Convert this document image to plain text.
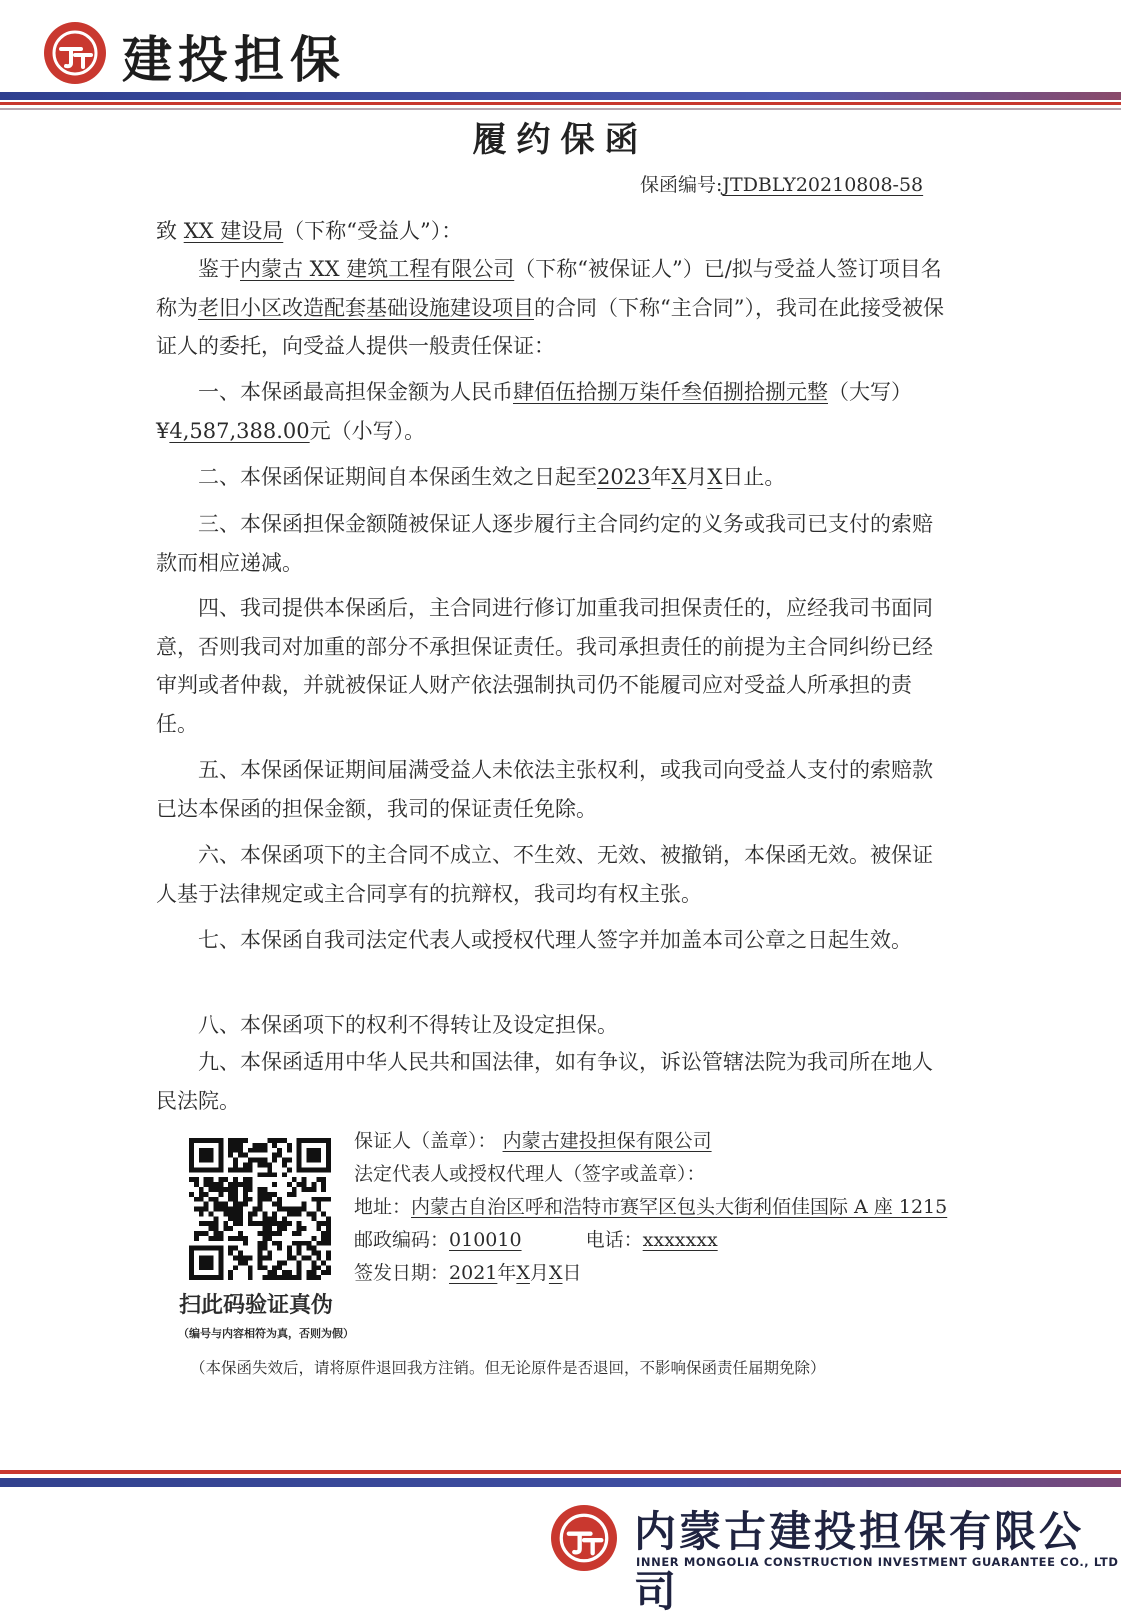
建投担保
履约保函
保函编号:JTDBLY20210808-58
致 XX 建设局（下称“受益人”）：
鉴于内蒙古 XX 建筑工程有限公司（下称“被保证人”）已/拟与受益人签订项目名称为老旧小区改造配套基础设施建设项目的合同（下称“主合同”），我司在此接受被保证人的委托，向受益人提供一般责任保证：
一、本保函最高担保金额为人民币肆佰伍拾捌万柒仟叁佰捌拾捌元整（大写）¥4,587,388.00元（小写）。
二、本保函保证期间自本保函生效之日起至2023年X月X日止。
三、本保函担保金额随被保证人逐步履行主合同约定的义务或我司已支付的索赔款而相应递减。
四、我司提供本保函后，主合同进行修订加重我司担保责任的，应经我司书面同意，否则我司对加重的部分不承担保证责任。我司承担责任的前提为主合同纠纷已经审判或者仲裁，并就被保证人财产依法强制执司仍不能履司应对受益人所承担的责任。
五、本保函保证期间届满受益人未依法主张权利，或我司向受益人支付的索赔款已达本保函的担保金额，我司的保证责任免除。
六、本保函项下的主合同不成立、不生效、无效、被撤销，本保函无效。被保证人基于法律规定或主合同享有的抗辩权，我司均有权主张。
七、本保函自我司法定代表人或授权代理人签字并加盖本司公章之日起生效。
八、本保函项下的权利不得转让及设定担保。
九、本保函适用中华人民共和国法律，如有争议，诉讼管辖法院为我司所在地人民法院。
扫此码验证真伪
（编号与内容相符为真，否则为假）
保证人（盖章）： 内蒙古建投担保有限公司
法定代表人或授权代理人（签字或盖章）：
地址：内蒙古自治区呼和浩特市赛罕区包头大街利佰佳国际 A 座 1215
邮政编码：010010	电话：xxxxxxx
签发日期：2021年X月X日
（本保函失效后，请将原件退回我方注销。但无论原件是否退回，不影响保函责任届期免除）
内蒙古建投担保有限公司
INNER MONGOLIA CONSTRUCTION INVESTMENT GUARANTEE CO., LTD
